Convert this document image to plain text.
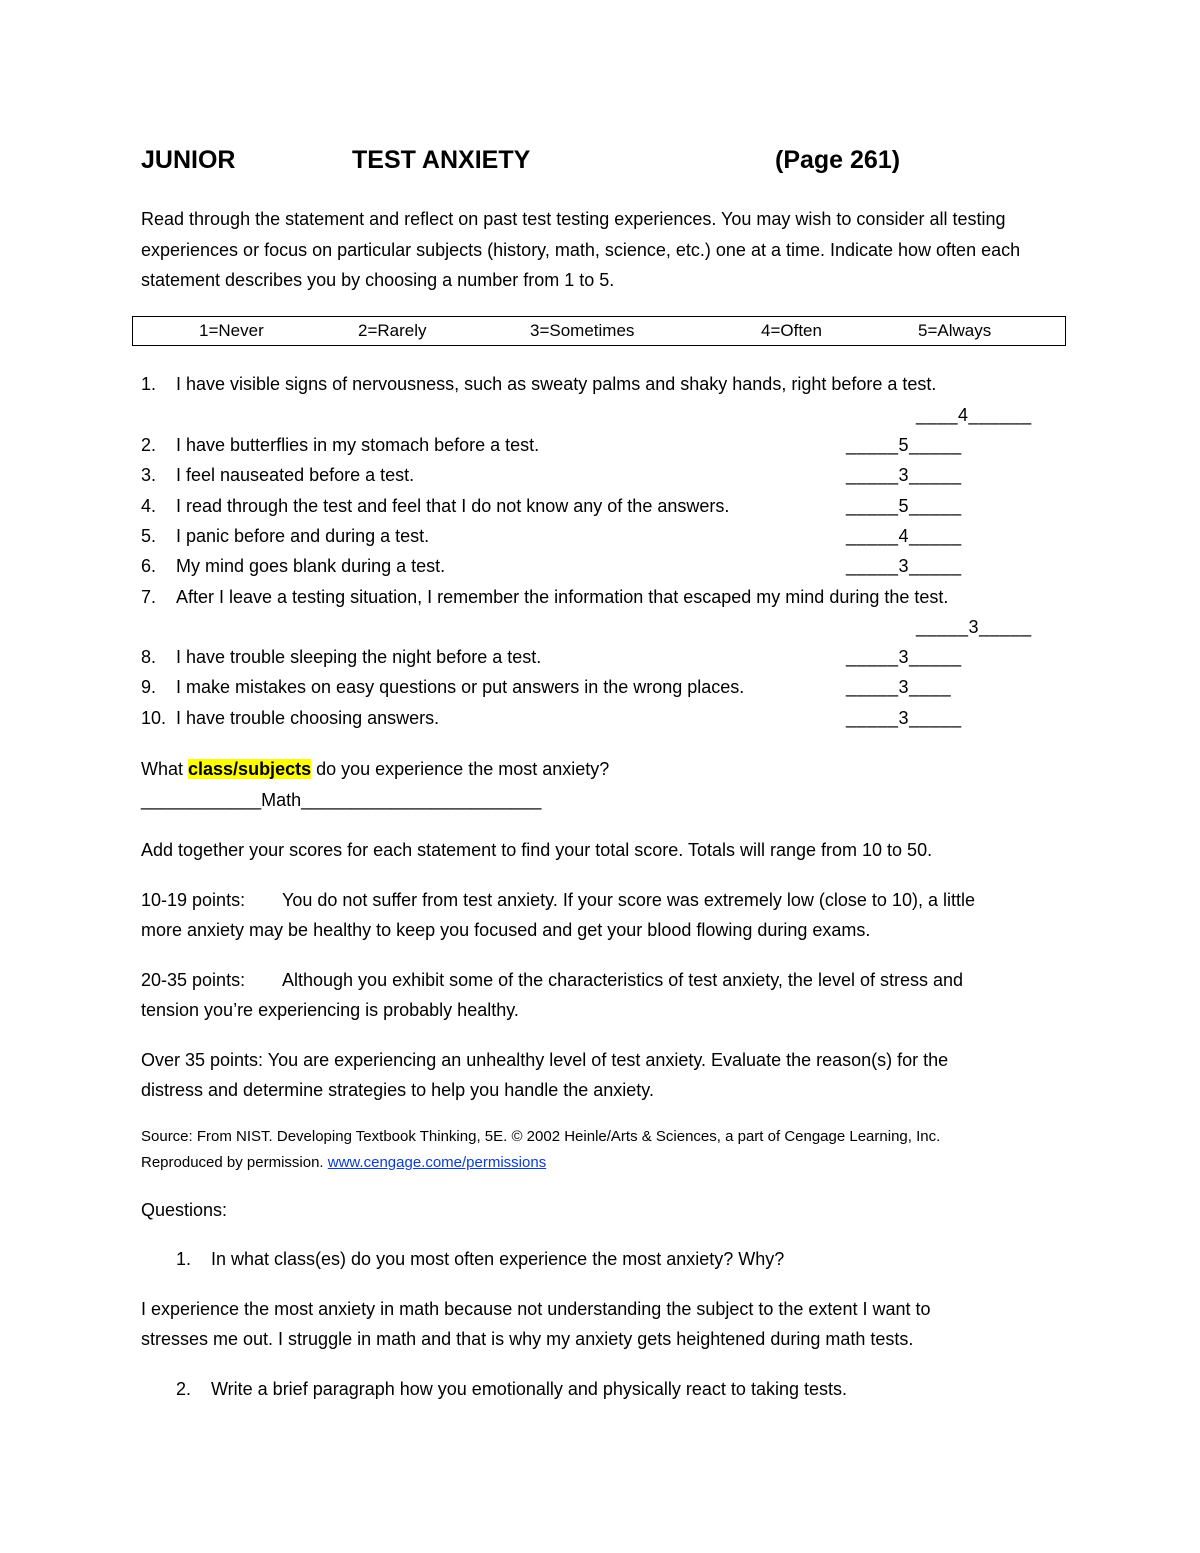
JUNIOR	TEST ANXIETY	(Page 261)
Read through the statement and reflect on past test testing experiences. You may wish to consider all testing experiences or focus on particular subjects (history, math, science, etc.) one at a time. Indicate how often each statement describes you by choosing a number from 1 to 5.
1=Never	2=Rarely	3=Sometimes	4=Often	5=Always
1. I have visible signs of nervousness, such as sweaty palms and shaky hands, right before a test.
____4______
2. I have butterflies in my stomach before a test.	_____5_____
3. I feel nauseated before a test.	_____3_____
4. I read through the test and feel that I do not know any of the answers.	_____5_____
5. I panic before and during a test.	_____4_____
6. My mind goes blank during a test.	_____3_____
7. After I leave a testing situation, I remember the information that escaped my mind during the test.
_____3_____
8. I have trouble sleeping the night before a test.	_____3_____
9. I make mistakes on easy questions or put answers in the wrong places.	_____3____
10. I have trouble choosing answers.	_____3_____
What class/subjects do you experience the most anxiety?
____________Math________________________
Add together your scores for each statement to find your total score. Totals will range from 10 to 50.
10-19 points: You do not suffer from test anxiety. If your score was extremely low (close to 10), a little
more anxiety may be healthy to keep you focused and get your blood flowing during exams.
20-35 points: Although you exhibit some of the characteristics of test anxiety, the level of stress and
tension you’re experiencing is probably healthy.
Over 35 points: You are experiencing an unhealthy level of test anxiety. Evaluate the reason(s) for the
distress and determine strategies to help you handle the anxiety.
Source: From NIST. Developing Textbook Thinking, 5E. © 2002 Heinle/Arts & Sciences, a part of Cengage Learning, Inc.
Reproduced by permission. www.cengage.come/permissions
Questions:
1. In what class(es) do you most often experience the most anxiety? Why?
I experience the most anxiety in math because not understanding the subject to the extent I want to
stresses me out. I struggle in math and that is why my anxiety gets heightened during math tests.
2. Write a brief paragraph how you emotionally and physically react to taking tests.
